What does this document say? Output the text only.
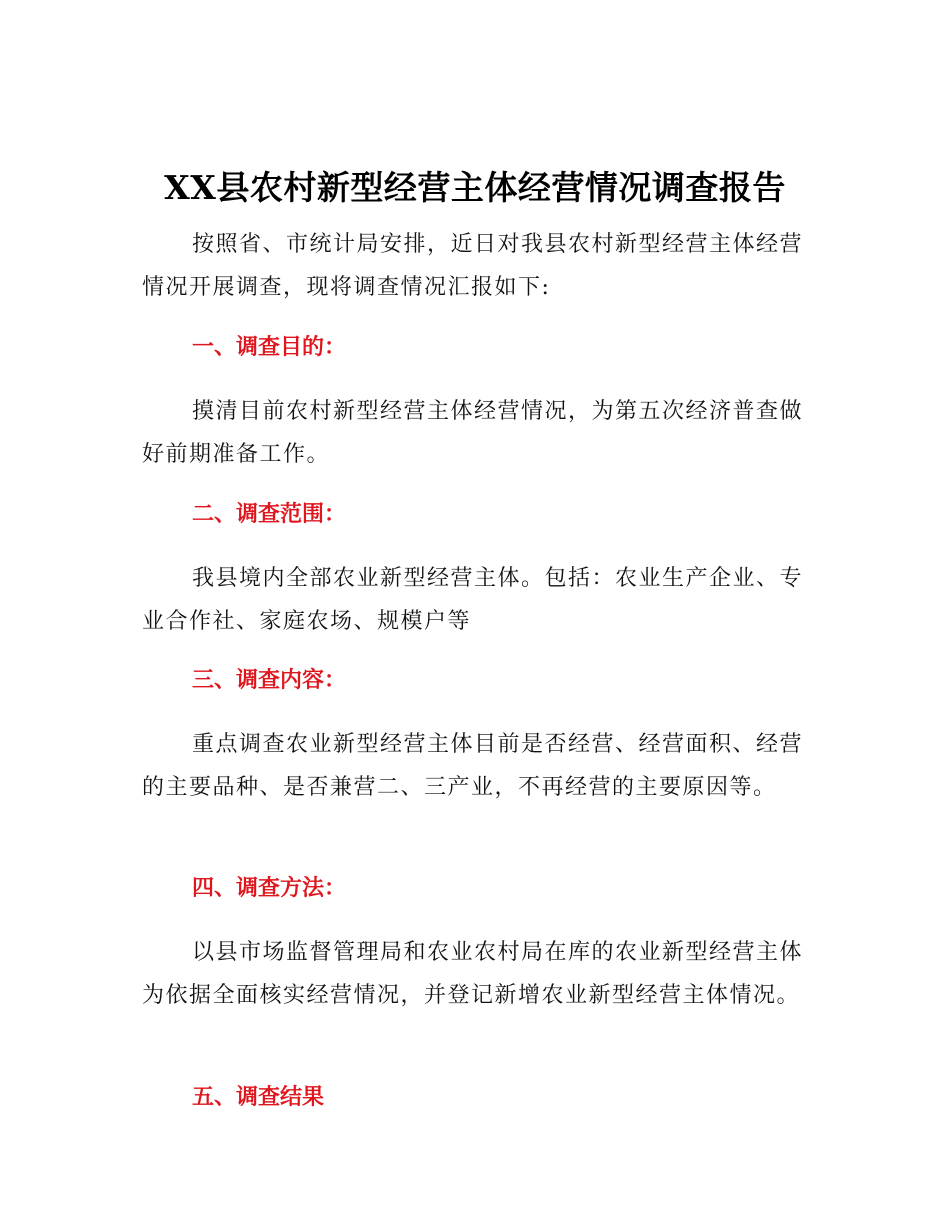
XX县农村新型经营主体经营情况调查报告

按照省、市统计局安排，近日对我县农村新型经营主体经营情况开展调查，现将调查情况汇报如下:

一、调查目的：

摸清目前农村新型经营主体经营情况，为第五次经济普查做好前期准备工作。

二、调查范围：

我县境内全部农业新型经营主体。包括：农业生产企业、专业合作社、家庭农场、规模户等

三、调查内容：

重点调查农业新型经营主体目前是否经营、经营面积、经营的主要品种、是否兼营二、三产业，不再经营的主要原因等。

四、调查方法：

以县市场监督管理局和农业农村局在库的农业新型经营主体为依据全面核实经营情况，并登记新增农业新型经营主体情况。

五、调查结果
